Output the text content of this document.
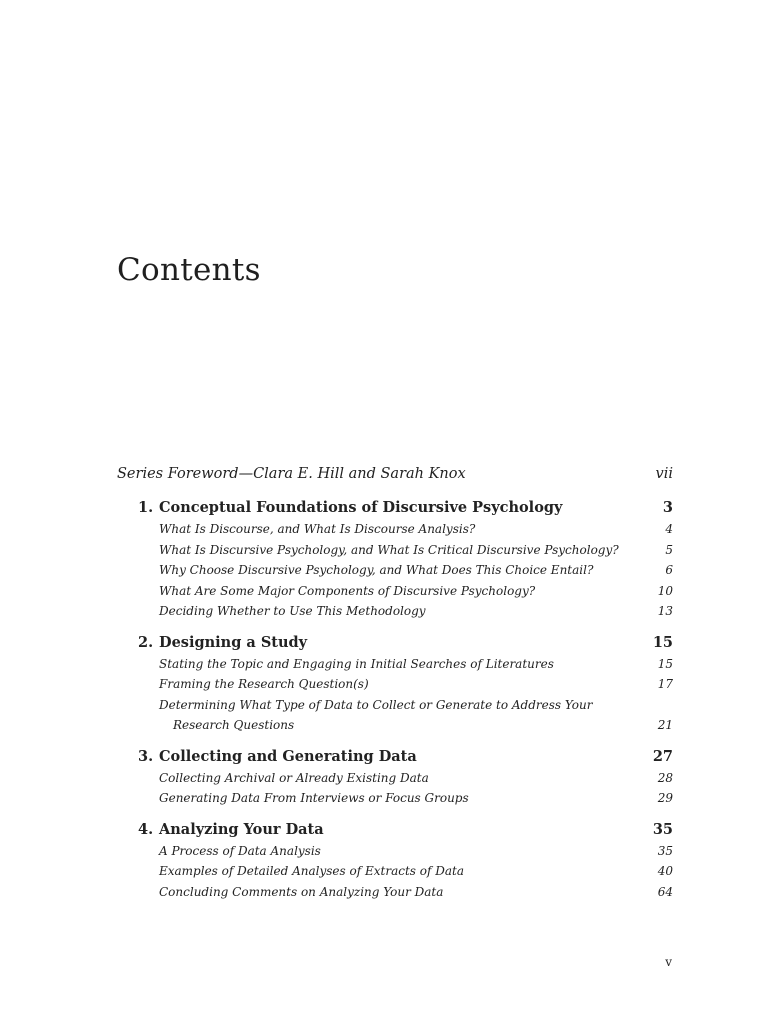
Contents
Series Foreword—Clara E. Hill and Sarah Knox	vii
1. Conceptual Foundations of Discursive Psychology	3
What Is Discourse, and What Is Discourse Analysis?	4
What Is Discursive Psychology, and What Is Critical Discursive Psychology?	5
Why Choose Discursive Psychology, and What Does This Choice Entail?	6
What Are Some Major Components of Discursive Psychology?	10
Deciding Whether to Use This Methodology	13
2. Designing a Study	15
Stating the Topic and Engaging in Initial Searches of Literatures	15
Framing the Research Question(s)	17
Determining What Type of Data to Collect or Generate to Address Your
Research Questions	21
3. Collecting and Generating Data	27
Collecting Archival or Already Existing Data	28
Generating Data From Interviews or Focus Groups	29
4. Analyzing Your Data	35
A Process of Data Analysis	35
Examples of Detailed Analyses of Extracts of Data	40
Concluding Comments on Analyzing Your Data	64
v
